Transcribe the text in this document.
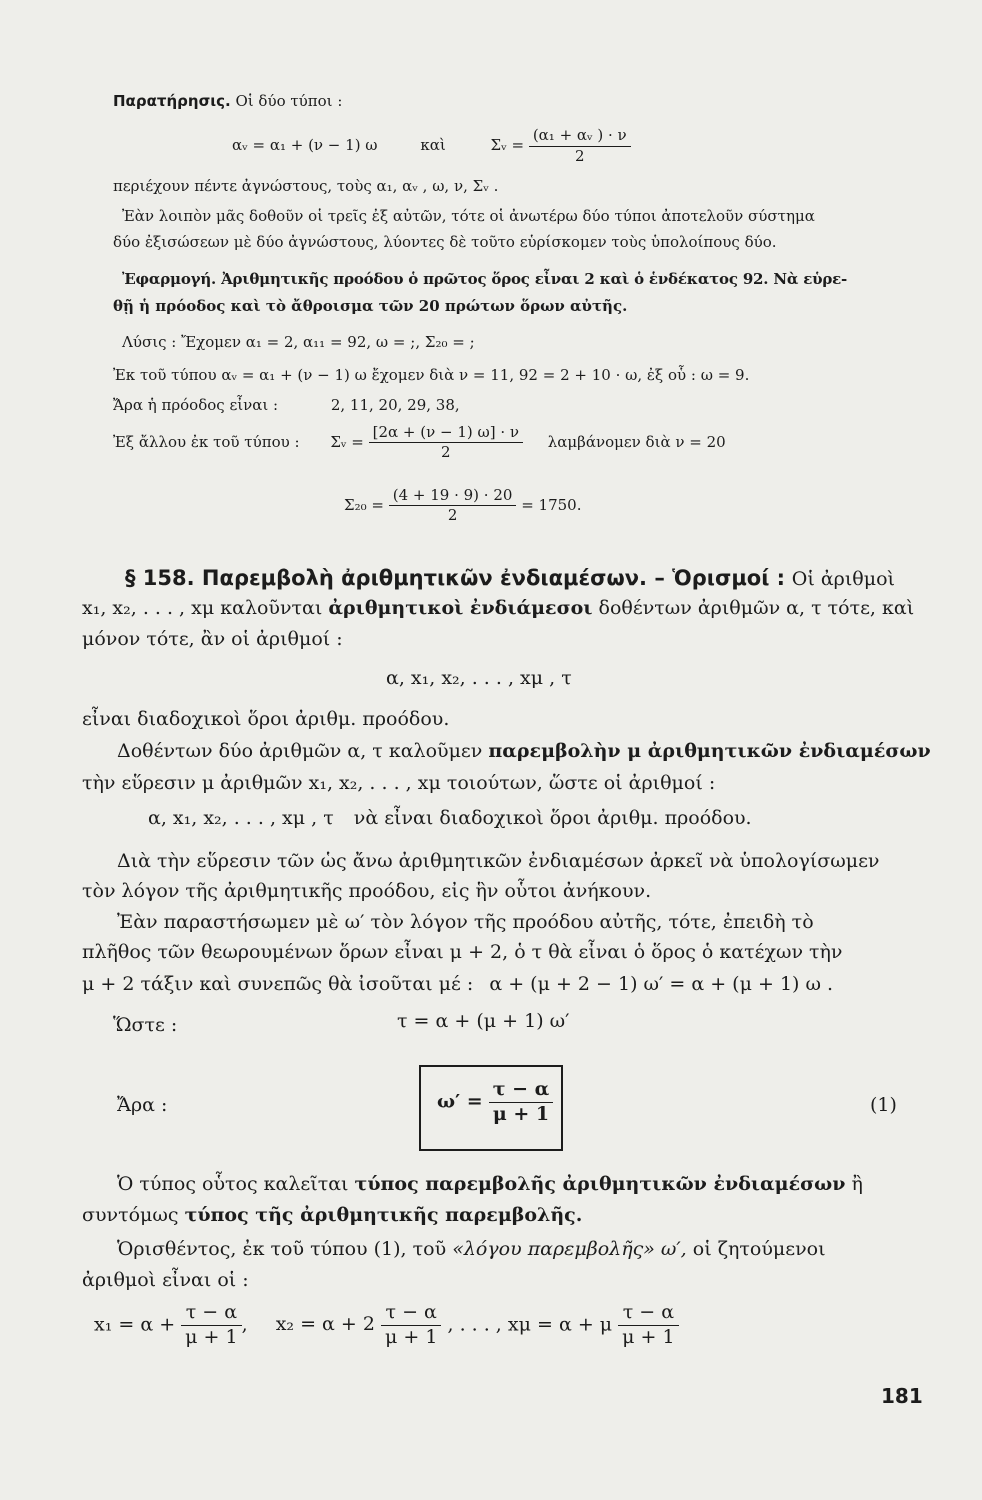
Παρατήρησις. Οἱ δύο τύποι :
αᵥ = α₁ + (ν − 1) ω	καὶ	Σᵥ = $\frac{\text{(α₁ + αᵥ ) · ν}}{2}$
περιέχουν πέντε ἀγνώστους, τοὺς α₁, αᵥ , ω, ν, Σᵥ .
Ἐὰν λοιπὸν μᾶς δοθοῦν οἱ τρεῖς ἐξ αὐτῶν, τότε οἱ ἀνωτέρω δύο τύποι ἀποτελοῦν σύστημα
δύο ἐξισώσεων μὲ δύο ἀγνώστους, λύοντες δὲ τοῦτο εὑρίσκομεν τοὺς ὑπολοίπους δύο.
Ἐφαρμογή. Ἀριθμητικῆς προόδου ὁ πρῶτος ὅρος εἶναι 2 καὶ ὁ ἑνδέκατος 92. Νὰ εὑρε-
θῇ ἡ πρόοδος καὶ τὸ ἄθροισμα τῶν 20 πρώτων ὅρων αὐτῆς.
Λύσις : Ἔχομεν α₁ = 2, α₁₁ = 92, ω = ;, Σ₂₀ = ;
Ἐκ τοῦ τύπου αᵥ = α₁ + (ν − 1) ω ἔχομεν διὰ ν = 11, 92 = 2 + 10 · ω, ἐξ οὗ : ω = 9.
Ἄρα ἡ πρόοδος εἶναι :	2, 11, 20, 29, 38,
Ἐξ ἄλλου ἐκ τοῦ τύπου : Σᵥ = $\frac{[2\alpha + (\nu - 1) \omega] \cdot \nu}{2}$ λαμβάνομεν διὰ ν = 20
$\Sigma_{20} = \frac{(4 + 19 \cdot 9) \cdot 20}{2} = 1750$.
§ 158. Παρεμβολὴ ἀριθμητικῶν ἐνδιαμέσων. – Ὁρισμοί : Οἱ ἀριθμοὶ
x₁, x₂, . . . , xμ καλοῦνται ἀριθμητικοὶ ἐνδιάμεσοι δοθέντων ἀριθμῶν α, τ τότε, καὶ
μόνον τότε, ἂν οἱ ἀριθμοί :
α, x₁, x₂, . . . , xμ , τ
εἶναι διαδοχικοὶ ὅροι ἀριθμ. προόδου.
Δοθέντων δύο ἀριθμῶν α, τ καλοῦμεν παρεμβολὴν μ ἀριθμητικῶν ἐνδιαμέσων
τὴν εὕρεσιν μ ἀριθμῶν x₁, x₂, . . . , xμ τοιούτων, ὥστε οἱ ἀριθμοί :
α, x₁, x₂, . . . , xμ , τ νὰ εἶναι διαδοχικοὶ ὅροι ἀριθμ. προόδου.
Διὰ τὴν εὕρεσιν τῶν ὡς ἄνω ἀριθμητικῶν ἐνδιαμέσων ἀρκεῖ νὰ ὑπολογίσωμεν
τὸν λόγον τῆς ἀριθμητικῆς προόδου, εἰς ἣν οὗτοι ἀνήκουν.
Ἐὰν παραστήσωμεν μὲ ω′ τὸν λόγον τῆς προόδου αὐτῆς, τότε, ἐπειδὴ τὸ
πλῆθος τῶν θεωρουμένων ὅρων εἶναι μ + 2, ὁ τ θὰ εἶναι ὁ ὅρος ὁ κατέχων τὴν
μ + 2 τάξιν καὶ συνεπῶς θὰ ἰσοῦται μέ : α + (μ + 2 − 1) ω′ = α + (μ + 1) ω .
Ὥστε :	τ = α + (μ + 1) ω′
Ἄρα :	$\omega' = \frac{\tau - \alpha}{\mu + 1}$	(1)
Ὁ τύπος οὗτος καλεῖται τύπος παρεμβολῆς ἀριθμητικῶν ἐνδιαμέσων ἢ
συντόμως τύπος τῆς ἀριθμητικῆς παρεμβολῆς.
Ὁρισθέντος, ἐκ τοῦ τύπου (1), τοῦ «λόγου παρεμβολῆς» ω′, οἱ ζητούμενοι
ἀριθμοὶ εἶναι οἱ :
$x_1 = \alpha + \frac{\tau - \alpha}{\mu + 1}$ , $x_2 = \alpha + 2 \frac{\tau - \alpha}{\mu + 1}$ , . . . , xμ = α + μ $\frac{\tau - \alpha}{\mu + 1}$
181
